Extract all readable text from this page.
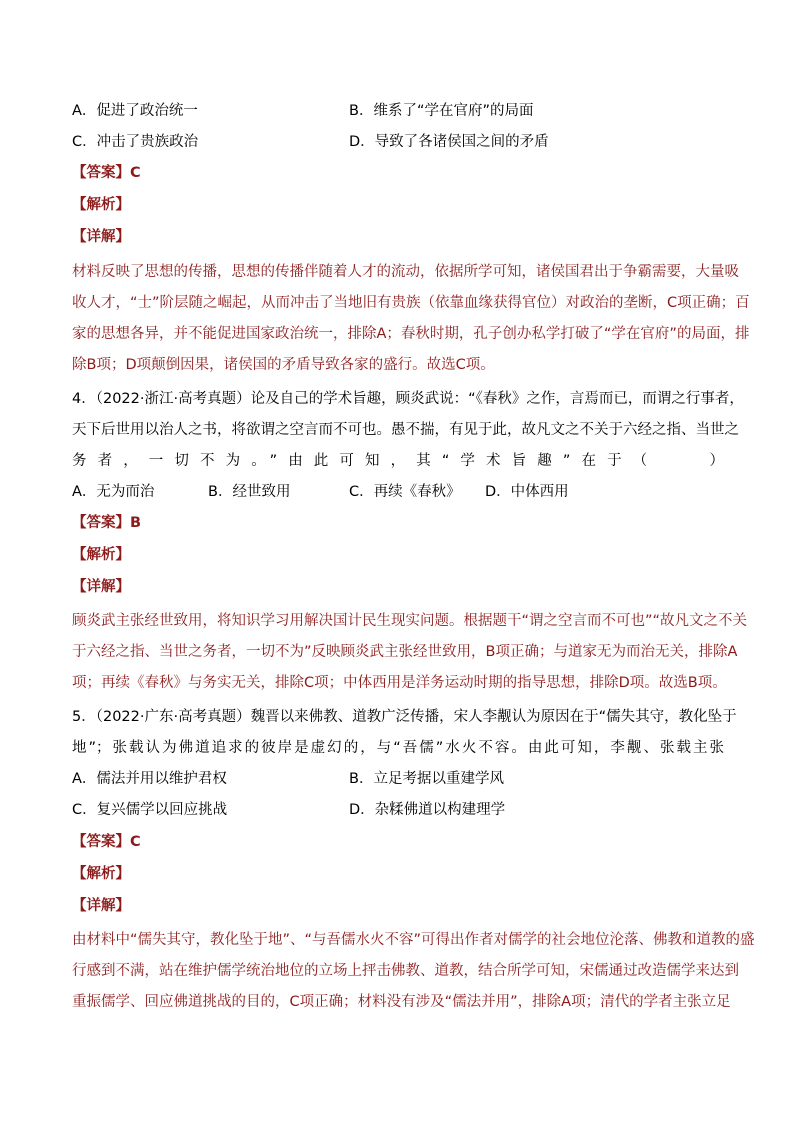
A．促进了政治统一	B．维系了“学在官府”的局面
C．冲击了贵族政治	D．导致了各诸侯国之间的矛盾
【答案】C
【解析】
【详解】
材料反映了思想的传播，思想的传播伴随着人才的流动，依据所学可知，诸侯国君出于争霸需要，大量吸
收人才，“士”阶层随之崛起，从而冲击了当地旧有贵族（依靠血缘获得官位）对政治的垄断，C项正确；百
家的思想各异，并不能促进国家政治统一，排除A；春秋时期，孔子创办私学打破了“学在官府”的局面，排
除B项；D项颠倒因果，诸侯国的矛盾导致各家的盛行。故选C项。
4．（2022·浙江·高考真题）论及自己的学术旨趣，顾炎武说：“《春秋》之作，言焉而已，而谓之行事者，
天下后世用以治人之书，将欲谓之空言而不可也。愚不揣，有见于此，故凡文之不关于六经之指、当世之
务者，一切不为。”由此可知，其“学术旨趣”在于（　　）
A．无为而治	B．经世致用	C．再续《春秋》 D．中体西用
【答案】B
【解析】
【详解】
顾炎武主张经世致用，将知识学习用解决国计民生现实问题。根据题干“谓之空言而不可也”“故凡文之不关
于六经之指、当世之务者，一切不为”反映顾炎武主张经世致用，B项正确；与道家无为而治无关，排除A
项；再续《春秋》与务实无关，排除C项；中体西用是洋务运动时期的指导思想，排除D项。故选B项。
5．（2022·广东·高考真题）魏晋以来佛教、道教广泛传播，宋人李觏认为原因在于“儒失其守，教化坠于
地”；张载认为佛道追求的彼岸是虚幻的，与“吾儒”水火不容。由此可知，李觏、张载主张
A．儒法并用以维护君权	B．立足考据以重建学风
C．复兴儒学以回应挑战	D．杂糅佛道以构建理学
【答案】C
【解析】
【详解】
由材料中“儒失其守，教化坠于地”、“与吾儒水火不容”可得出作者对儒学的社会地位沦落、佛教和道教的盛
行感到不满，站在维护儒学统治地位的立场上抨击佛教、道教，结合所学可知，宋儒通过改造儒学来达到
重振儒学、回应佛道挑战的目的，C项正确；材料没有涉及“儒法并用”，排除A项；清代的学者主张立足
